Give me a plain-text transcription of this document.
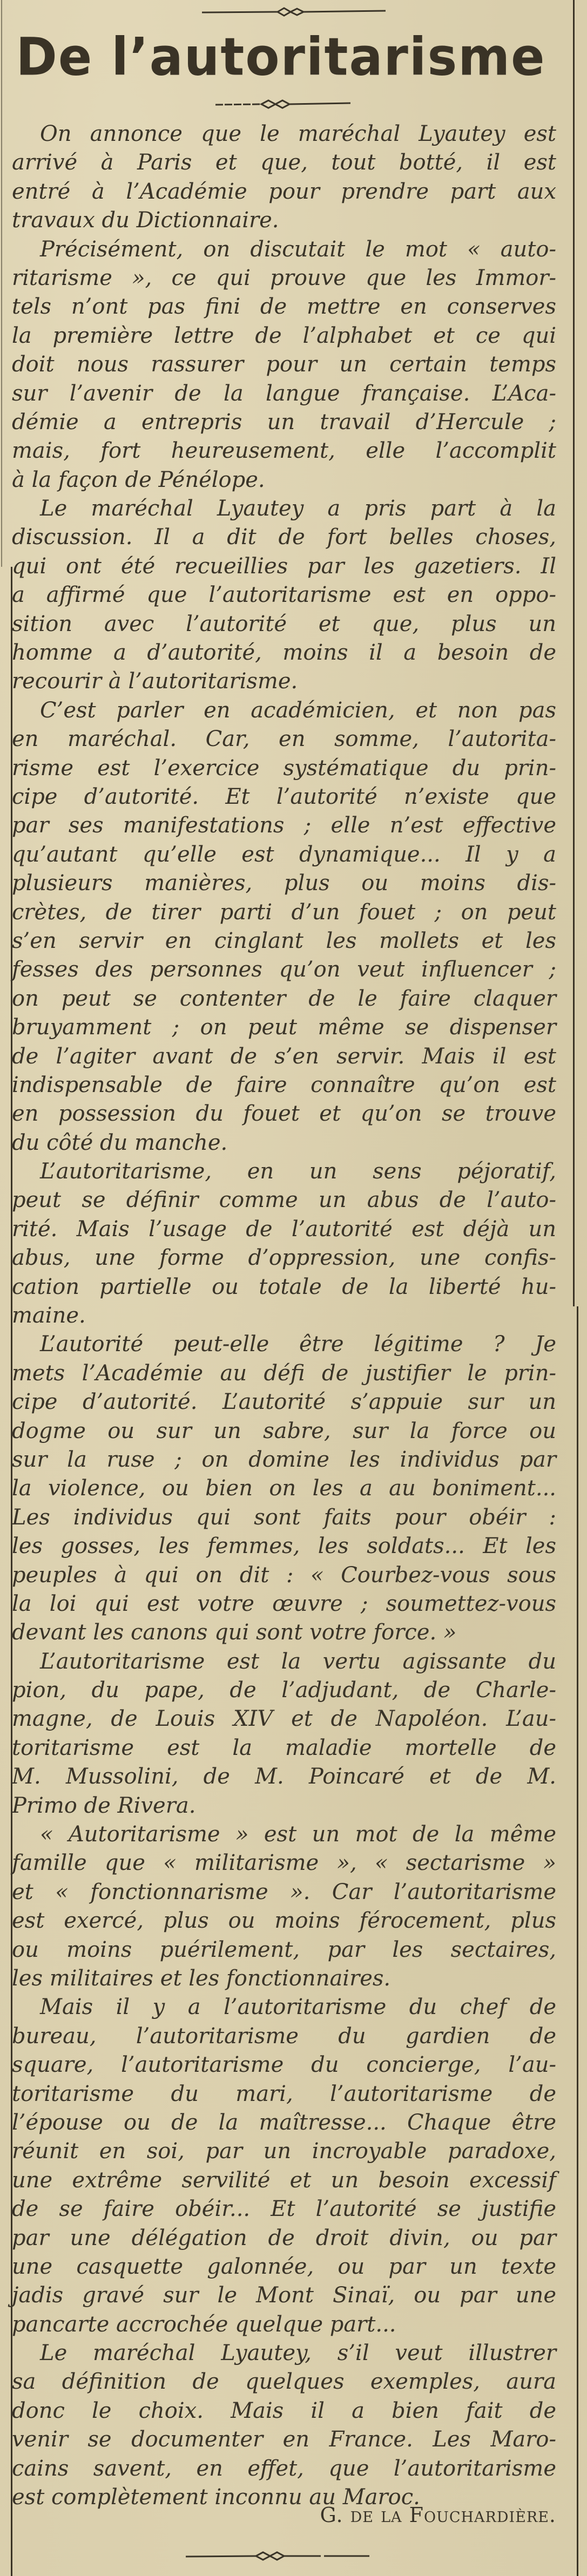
De l’autoritarisme
On annonce que le maréchal Lyautey est
arrivé à Paris et que, tout botté, il est
entré à l’Académie pour prendre part aux
travaux du Dictionnaire.
Précisément, on discutait le mot « auto-
ritarisme », ce qui prouve que les Immor-
tels n’ont pas fini de mettre en conserves
la première lettre de l’alphabet et ce qui
doit nous rassurer pour un certain temps
sur l’avenir de la langue française. L’Aca-
démie a entrepris un travail d’Hercule ;
mais, fort heureusement, elle l’accomplit
à la façon de Pénélope.
Le maréchal Lyautey a pris part à la
discussion. Il a dit de fort belles choses,
qui ont été recueillies par les gazetiers. Il
a affirmé que l’autoritarisme est en oppo-
sition avec l’autorité et que, plus un
homme a d’autorité, moins il a besoin de
recourir à l’autoritarisme.
C’est parler en académicien, et non pas
en maréchal. Car, en somme, l’autorita-
risme est l’exercice systématique du prin-
cipe d’autorité. Et l’autorité n’existe que
par ses manifestations ; elle n’est effective
qu’autant qu’elle est dynamique... Il y a
plusieurs manières, plus ou moins dis-
crètes, de tirer parti d’un fouet ; on peut
s’en servir en cinglant les mollets et les
fesses des personnes qu’on veut influencer ;
on peut se contenter de le faire claquer
bruyamment ; on peut même se dispenser
de l’agiter avant de s’en servir. Mais il est
indispensable de faire connaître qu’on est
en possession du fouet et qu’on se trouve
du côté du manche.
L’autoritarisme, en un sens péjoratif,
peut se définir comme un abus de l’auto-
rité. Mais l’usage de l’autorité est déjà un
abus, une forme d’oppression, une confis-
cation partielle ou totale de la liberté hu-
maine.
L’autorité peut-elle être légitime ? Je
mets l’Académie au défi de justifier le prin-
cipe d’autorité. L’autorité s’appuie sur un
dogme ou sur un sabre, sur la force ou
sur la ruse ; on domine les individus par
la violence, ou bien on les a au boniment...
Les individus qui sont faits pour obéir :
les gosses, les femmes, les soldats... Et les
peuples à qui on dit : « Courbez-vous sous
la loi qui est votre œuvre ; soumettez-vous
devant les canons qui sont votre force. »
L’autoritarisme est la vertu agissante du
pion, du pape, de l’adjudant, de Charle-
magne, de Louis XIV et de Napoléon. L’au-
toritarisme est la maladie mortelle de
M. Mussolini, de M. Poincaré et de M.
Primo de Rivera.
« Autoritarisme » est un mot de la même
famille que « militarisme », « sectarisme »
et « fonctionnarisme ». Car l’autoritarisme
est exercé, plus ou moins férocement, plus
ou moins puérilement, par les sectaires,
les militaires et les fonctionnaires.
Mais il y a l’autoritarisme du chef de
bureau, l’autoritarisme du gardien de
square, l’autoritarisme du concierge, l’au-
toritarisme du mari, l’autoritarisme de
l’épouse ou de la maîtresse... Chaque être
réunit en soi, par un incroyable paradoxe,
une extrême servilité et un besoin excessif
de se faire obéir... Et l’autorité se justifie
par une délégation de droit divin, ou par
une casquette galonnée, ou par un texte
jadis gravé sur le Mont Sinaï, ou par une
pancarte accrochée quelque part...
Le maréchal Lyautey, s’il veut illustrer
sa définition de quelques exemples, aura
donc le choix. Mais il a bien fait de
venir se documenter en France. Les Maro-
cains savent, en effet, que l’autoritarisme
est complètement inconnu au Maroc.
G. de la Fouchardière.
